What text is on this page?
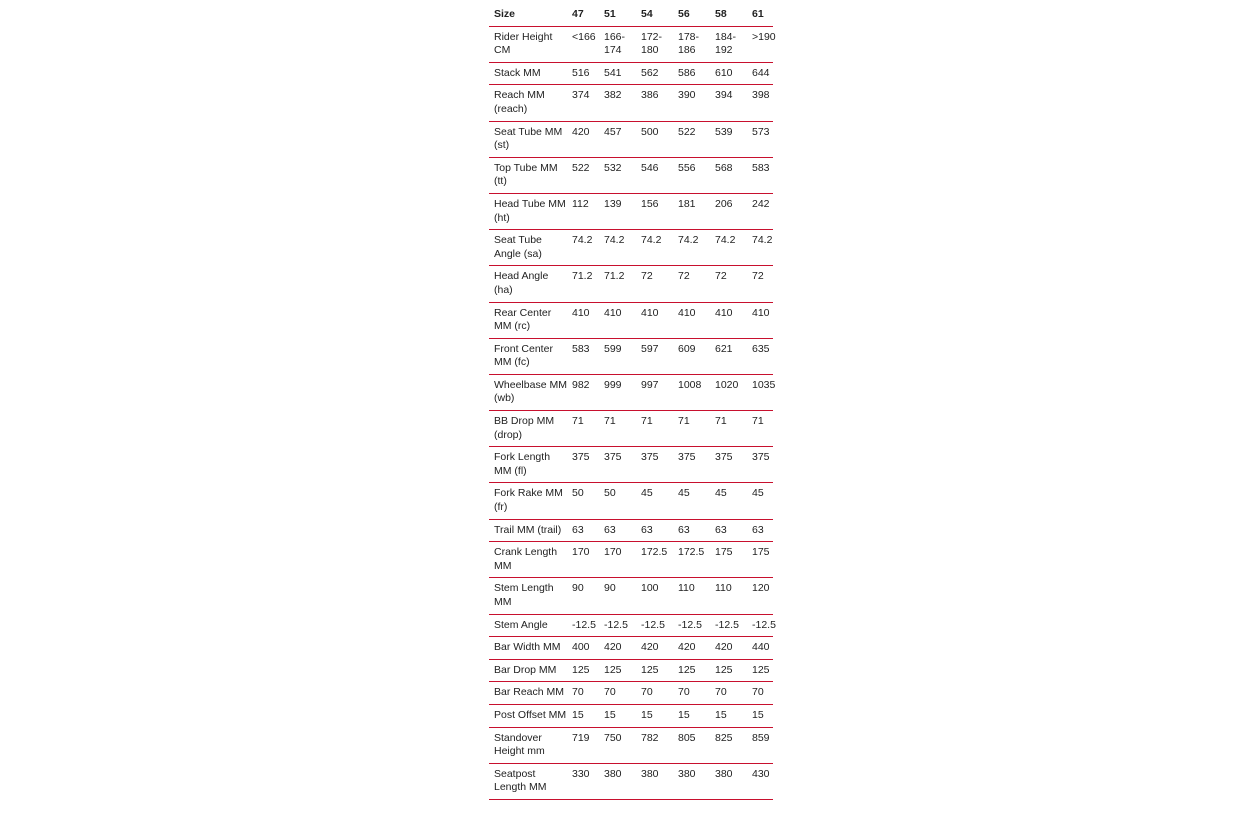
Size	47	51	54	56	58	61
Rider Height CM	<166	166-174	172-180	178-186	184-192	>190
Stack MM	516	541	562	586	610	644
Reach MM (reach)	374	382	386	390	394	398
Seat Tube MM (st)	420	457	500	522	539	573
Top Tube MM (tt)	522	532	546	556	568	583
Head Tube MM (ht)	112	139	156	181	206	242
Seat Tube Angle (sa)	74.2	74.2	74.2	74.2	74.2	74.2
Head Angle (ha)	71.2	71.2	72	72	72	72
Rear Center MM (rc)	410	410	410	410	410	410
Front Center MM (fc)	583	599	597	609	621	635
Wheelbase MM (wb)	982	999	997	1008	1020	1035
BB Drop MM (drop)	71	71	71	71	71	71
Fork Length MM (fl)	375	375	375	375	375	375
Fork Rake MM (fr)	50	50	45	45	45	45
Trail MM (trail)	63	63	63	63	63	63
Crank Length MM	170	170	172.5	172.5	175	175
Stem Length MM	90	90	100	110	110	120
Stem Angle	-12.5	-12.5	-12.5	-12.5	-12.5	-12.5
Bar Width MM	400	420	420	420	420	440
Bar Drop MM	125	125	125	125	125	125
Bar Reach MM	70	70	70	70	70	70
Post Offset MM	15	15	15	15	15	15
Standover Height mm	719	750	782	805	825	859
Seatpost Length MM	330	380	380	380	380	430
